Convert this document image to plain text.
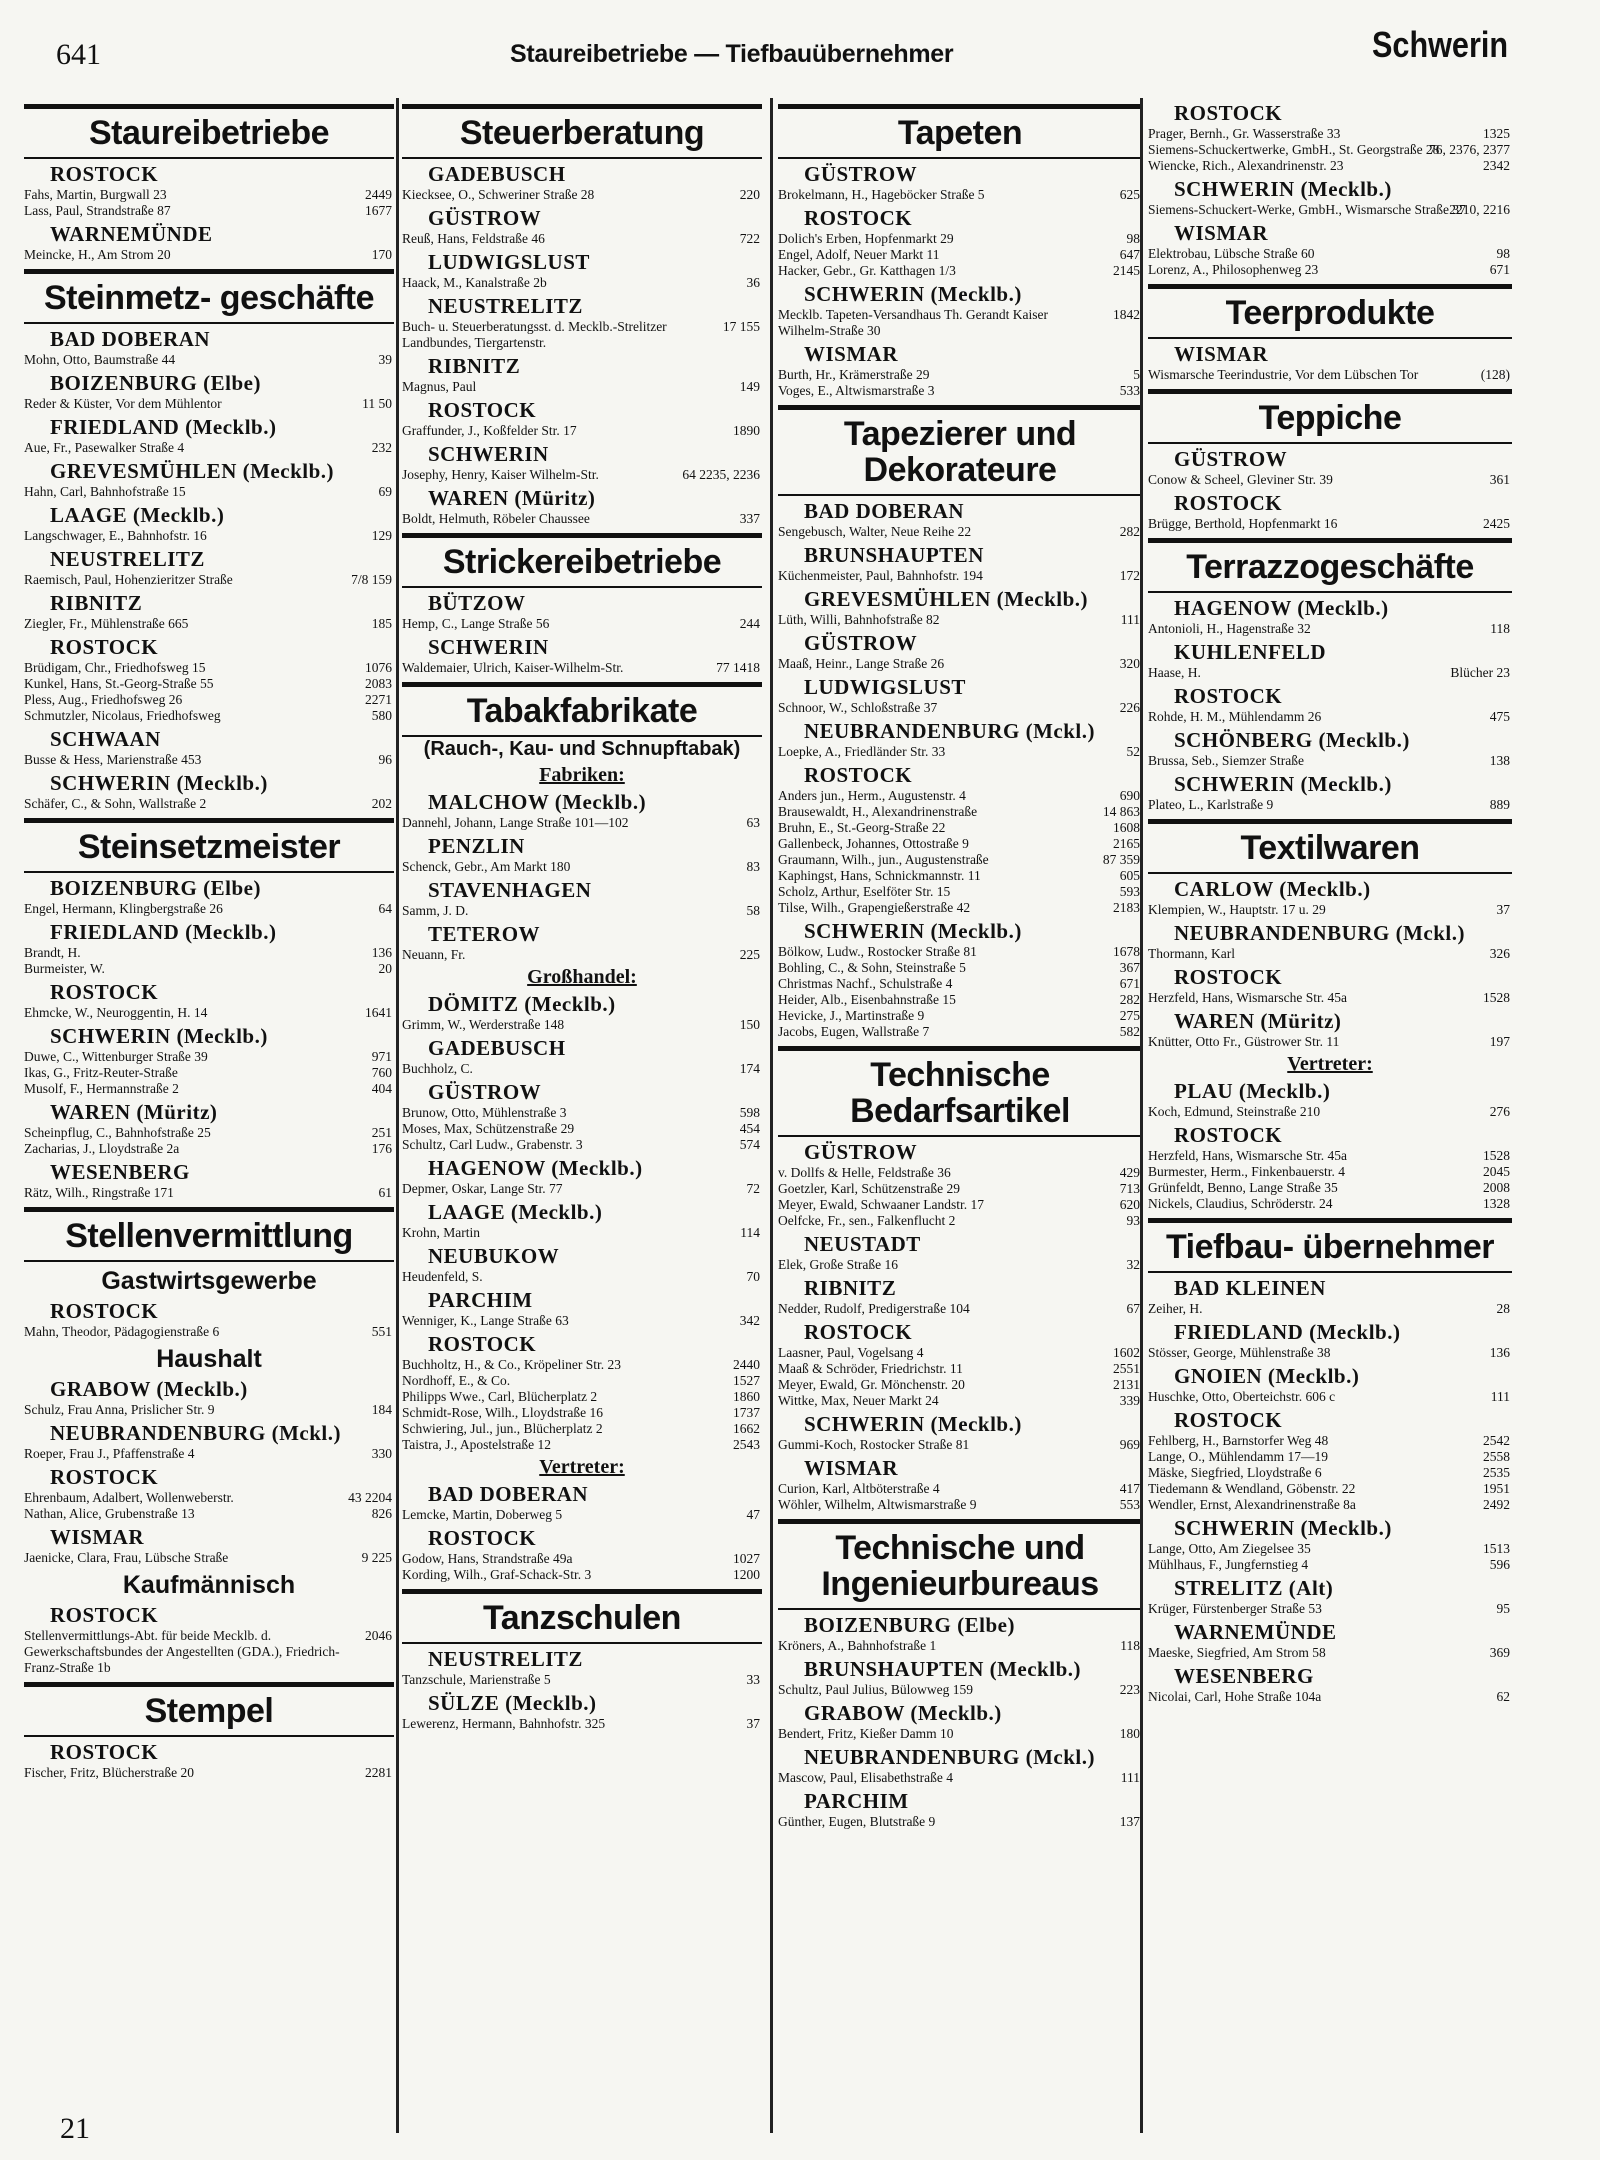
641	Staureibetriebe — Tiefbauübernehmer	Schwerin
Staureibetriebe
ROSTOCK
Fahs, Martin, Burgwall 23	2449
Lass, Paul, Strandstraße 87	1677
WARNEMÜNDE
Meincke, H., Am Strom 20	170
Steinmetz- geschäfte
BAD DOBERAN
Mohn, Otto, Baumstraße 44	39
BOIZENBURG (Elbe)
Reder & Küster, Vor dem Mühlentor	11 50
FRIEDLAND (Mecklb.)
Aue, Fr., Pasewalker Straße 4	232
GREVESMÜHLEN (Mecklb.)
Hahn, Carl, Bahnhofstraße 15	69
LAAGE (Mecklb.)
Langschwager, E., Bahnhofstr. 16	129
NEUSTRELITZ
Raemisch, Paul, Hohenzieritzer Straße	7/8 159
RIBNITZ
Ziegler, Fr., Mühlenstraße 665	185
ROSTOCK
Brüdigam, Chr., Friedhofsweg 15	1076
Kunkel, Hans, St.-Georg-Straße 55	2083
Pless, Aug., Friedhofsweg 26	2271
Schmutzler, Nicolaus, Friedhofsweg	580
SCHWAAN
Busse & Hess, Marienstraße 453	96
SCHWERIN (Mecklb.)
Schäfer, C., & Sohn, Wallstraße 2	202
Steinsetzmeister
BOIZENBURG (Elbe)
Engel, Hermann, Klingbergstraße 26	64
FRIEDLAND (Mecklb.)
Brandt, H.	136
Burmeister, W.	20
ROSTOCK
Ehmcke, W., Neuroggentin, H. 14	1641
SCHWERIN (Mecklb.)
Duwe, C., Wittenburger Straße 39	971
Ikas, G., Fritz-Reuter-Straße	760
Musolf, F., Hermannstraße 2	404
WAREN (Müritz)
Scheinpflug, C., Bahnhofstraße 25	251
Zacharias, J., Lloydstraße 2a	176
WESENBERG
Rätz, Wilh., Ringstraße 171	61
Stellenvermittlung
Gastwirtsgewerbe
ROSTOCK
Mahn, Theodor, Pädagogienstraße 6	551
Haushalt
GRABOW (Mecklb.)
Schulz, Frau Anna, Prislicher Str. 9	184
NEUBRANDENBURG (Mckl.)
Roeper, Frau J., Pfaffenstraße 4	330
ROSTOCK
Ehrenbaum, Adalbert, Wollenweberstr.	43 2204
Nathan, Alice, Grubenstraße 13	826
WISMAR
Jaenicke, Clara, Frau, Lübsche Straße	9 225
Kaufmännisch
ROSTOCK
Stellenvermittlungs-Abt. für beide Mecklb. d. Gewerkschaftsbundes der Angestellten (GDA.), Friedrich-Franz-Straße 1b
2046
Stempel
ROSTOCK
Fischer, Fritz, Blücherstraße 20	2281
Steuerberatung
GADEBUSCH
Kiecksee, O., Schweriner Straße 28	220
GÜSTROW
Reuß, Hans, Feldstraße 46	722
LUDWIGSLUST
Haack, M., Kanalstraße 2b	36
NEUSTRELITZ
Buch- u. Steuerberatungsst. d. Mecklb.-Strelitzer Landbundes, Tiergartenstr.
17 155
RIBNITZ
Magnus, Paul	149
ROSTOCK
Graffunder, J., Koßfelder Str. 17	1890
SCHWERIN
Josephy, Henry, Kaiser Wilhelm-Str.	64 2235, 2236
WAREN (Müritz)
Boldt, Helmuth, Röbeler Chaussee	337
Strickereibetriebe
BÜTZOW
Hemp, C., Lange Straße 56	244
SCHWERIN
Waldemaier, Ulrich, Kaiser-Wilhelm-Str.	77 1418
Tabakfabrikate
(Rauch-, Kau- und Schnupftabak)
Fabriken:
MALCHOW (Mecklb.)
Dannehl, Johann, Lange Straße 101—102	63
PENZLIN
Schenck, Gebr., Am Markt 180	83
STAVENHAGEN
Samm, J. D.	58
TETEROW
Neuann, Fr.	225
Großhandel:
DÖMITZ (Mecklb.)
Grimm, W., Werderstraße 148	150
GADEBUSCH
Buchholz, C.	174
GÜSTROW
Brunow, Otto, Mühlenstraße 3	598
Moses, Max, Schützenstraße 29	454
Schultz, Carl Ludw., Grabenstr. 3	574
HAGENOW (Mecklb.)
Depmer, Oskar, Lange Str. 77	72
LAAGE (Mecklb.)
Krohn, Martin	114
NEUBUKOW
Heudenfeld, S.	70
PARCHIM
Wenniger, K., Lange Straße 63	342
ROSTOCK
Buchholtz, H., & Co., Kröpeliner Str. 23	2440
Nordhoff, E., & Co.	1527
Philipps Wwe., Carl, Blücherplatz 2	1860
Schmidt-Rose, Wilh., Lloydstraße 16	1737
Schwiering, Jul., jun., Blücherplatz 2	1662
Taistra, J., Apostelstraße 12	2543
Vertreter:
BAD DOBERAN
Lemcke, Martin, Doberweg 5	47
ROSTOCK
Godow, Hans, Strandstraße 49a	1027
Kording, Wilh., Graf-Schack-Str. 3	1200
Tanzschulen
NEUSTRELITZ
Tanzschule, Marienstraße 5	33
SÜLZE (Mecklb.)
Lewerenz, Hermann, Bahnhofstr. 325	37
Tapeten
GÜSTROW
Brokelmann, H., Hageböcker Straße 5	625
ROSTOCK
Dolich's Erben, Hopfenmarkt 29	98
Engel, Adolf, Neuer Markt 11	647
Hacker, Gebr., Gr. Katthagen 1/3	2145
SCHWERIN (Mecklb.)
Mecklb. Tapeten-Versandhaus Th. Gerandt Kaiser Wilhelm-Straße 30
1842
WISMAR
Burth, Hr., Krämerstraße 29	5
Voges, E., Altwismarstraße 3	533
Tapezierer und Dekorateure
BAD DOBERAN
Sengebusch, Walter, Neue Reihe 22	282
BRUNSHAUPTEN
Küchenmeister, Paul, Bahnhofstr. 194	172
GREVESMÜHLEN (Mecklb.)
Lüth, Willi, Bahnhofstraße 82	111
GÜSTROW
Maaß, Heinr., Lange Straße 26	320
LUDWIGSLUST
Schnoor, W., Schloßstraße 37	226
NEUBRANDENBURG (Mckl.)
Loepke, A., Friedländer Str. 33	52
ROSTOCK
Anders jun., Herm., Augustenstr. 4	690
Brausewaldt, H., Alexandrinenstraße	14 863
Bruhn, E., St.-Georg-Straße 22	1608
Gallenbeck, Johannes, Ottostraße 9	2165
Graumann, Wilh., jun., Augustenstraße	87 359
Kaphingst, Hans, Schnickmannstr. 11	605
Scholz, Arthur, Eselföter Str. 15	593
Tilse, Wilh., Grapengießerstraße 42	2183
SCHWERIN (Mecklb.)
Bölkow, Ludw., Rostocker Straße 81	1678
Bohling, C., & Sohn, Steinstraße 5	367
Christmas Nachf., Schulstraße 4	671
Heider, Alb., Eisenbahnstraße 15	282
Hevicke, J., Martinstraße 9	275
Jacobs, Eugen, Wallstraße 7	582
Technische Bedarfsartikel
GÜSTROW
v. Dollfs & Helle, Feldstraße 36	429
Goetzler, Karl, Schützenstraße 29	713
Meyer, Ewald, Schwaaner Landstr. 17	620
Oelfcke, Fr., sen., Falkenflucht 2	93
NEUSTADT
Elek, Große Straße 16	32
RIBNITZ
Nedder, Rudolf, Predigerstraße 104	67
ROSTOCK
Laasner, Paul, Vogelsang 4	1602
Maaß & Schröder, Friedrichstr. 11	2551
Meyer, Ewald, Gr. Mönchenstr. 20	2131
Wittke, Max, Neuer Markt 24	339
SCHWERIN (Mecklb.)
Gummi-Koch, Rostocker Straße 81	969
WISMAR
Curion, Karl, Altböterstraße 4	417
Wöhler, Wilhelm, Altwismarstraße 9	553
Technische und Ingenieurbureaus
BOIZENBURG (Elbe)
Kröners, A., Bahnhofstraße 1	118
BRUNSHAUPTEN (Mecklb.)
Schultz, Paul Julius, Bülowweg 159	223
GRABOW (Mecklb.)
Bendert, Fritz, Kießer Damm 10	180
NEUBRANDENBURG (Mckl.)
Mascow, Paul, Elisabethstraße 4	111
PARCHIM
Günther, Eugen, Blutstraße 9	137
ROSTOCK
Prager, Bernh., Gr. Wasserstraße 33	1325
Siemens-Schuckertwerke, GmbH., St. Georgstraße 28
76, 2376, 2377
Wiencke, Rich., Alexandrinenstr. 23	2342
SCHWERIN (Mecklb.)
Siemens-Schuckert-Werke, GmbH., Wismarsche Straße 37
2210, 2216
WISMAR
Elektrobau, Lübsche Straße 60	98
Lorenz, A., Philosophenweg 23	671
Teerprodukte
WISMAR
Wismarsche Teerindustrie, Vor dem Lübschen Tor	(128)
Teppiche
GÜSTROW
Conow & Scheel, Gleviner Str. 39	361
ROSTOCK
Brügge, Berthold, Hopfenmarkt 16	2425
Terrazzogeschäfte
HAGENOW (Mecklb.)
Antonioli, H., Hagenstraße 32	118
KUHLENFELD
Haase, H.	Blücher 23
ROSTOCK
Rohde, H. M., Mühlendamm 26	475
SCHÖNBERG (Mecklb.)
Brussa, Seb., Siemzer Straße	138
SCHWERIN (Mecklb.)
Plateo, L., Karlstraße 9	889
Textilwaren
CARLOW (Mecklb.)
Klempien, W., Hauptstr. 17 u. 29	37
NEUBRANDENBURG (Mckl.)
Thormann, Karl	326
ROSTOCK
Herzfeld, Hans, Wismarsche Str. 45a	1528
WAREN (Müritz)
Knütter, Otto Fr., Güstrower Str. 11	197
Vertreter:
PLAU (Mecklb.)
Koch, Edmund, Steinstraße 210	276
ROSTOCK
Herzfeld, Hans, Wismarsche Str. 45a	1528
Burmester, Herm., Finkenbauerstr. 4	2045
Grünfeldt, Benno, Lange Straße 35	2008
Nickels, Claudius, Schröderstr. 24	1328
Tiefbau- übernehmer
BAD KLEINEN
Zeiher, H.	28
FRIEDLAND (Mecklb.)
Stösser, George, Mühlenstraße 38	136
GNOIEN (Mecklb.)
Huschke, Otto, Oberteichstr. 606 c	111
ROSTOCK
Fehlberg, H., Barnstorfer Weg 48	2542
Lange, O., Mühlendamm 17—19	2558
Mäske, Siegfried, Lloydstraße 6	2535
Tiedemann & Wendland, Göbenstr. 22	1951
Wendler, Ernst, Alexandrinenstraße 8a	2492
SCHWERIN (Mecklb.)
Lange, Otto, Am Ziegelsee 35	1513
Mühlhaus, F., Jungfernstieg 4	596
STRELITZ (Alt)
Krüger, Fürstenberger Straße 53	95
WARNEMÜNDE
Maeske, Siegfried, Am Strom 58	369
WESENBERG
Nicolai, Carl, Hohe Straße 104a	62
21
